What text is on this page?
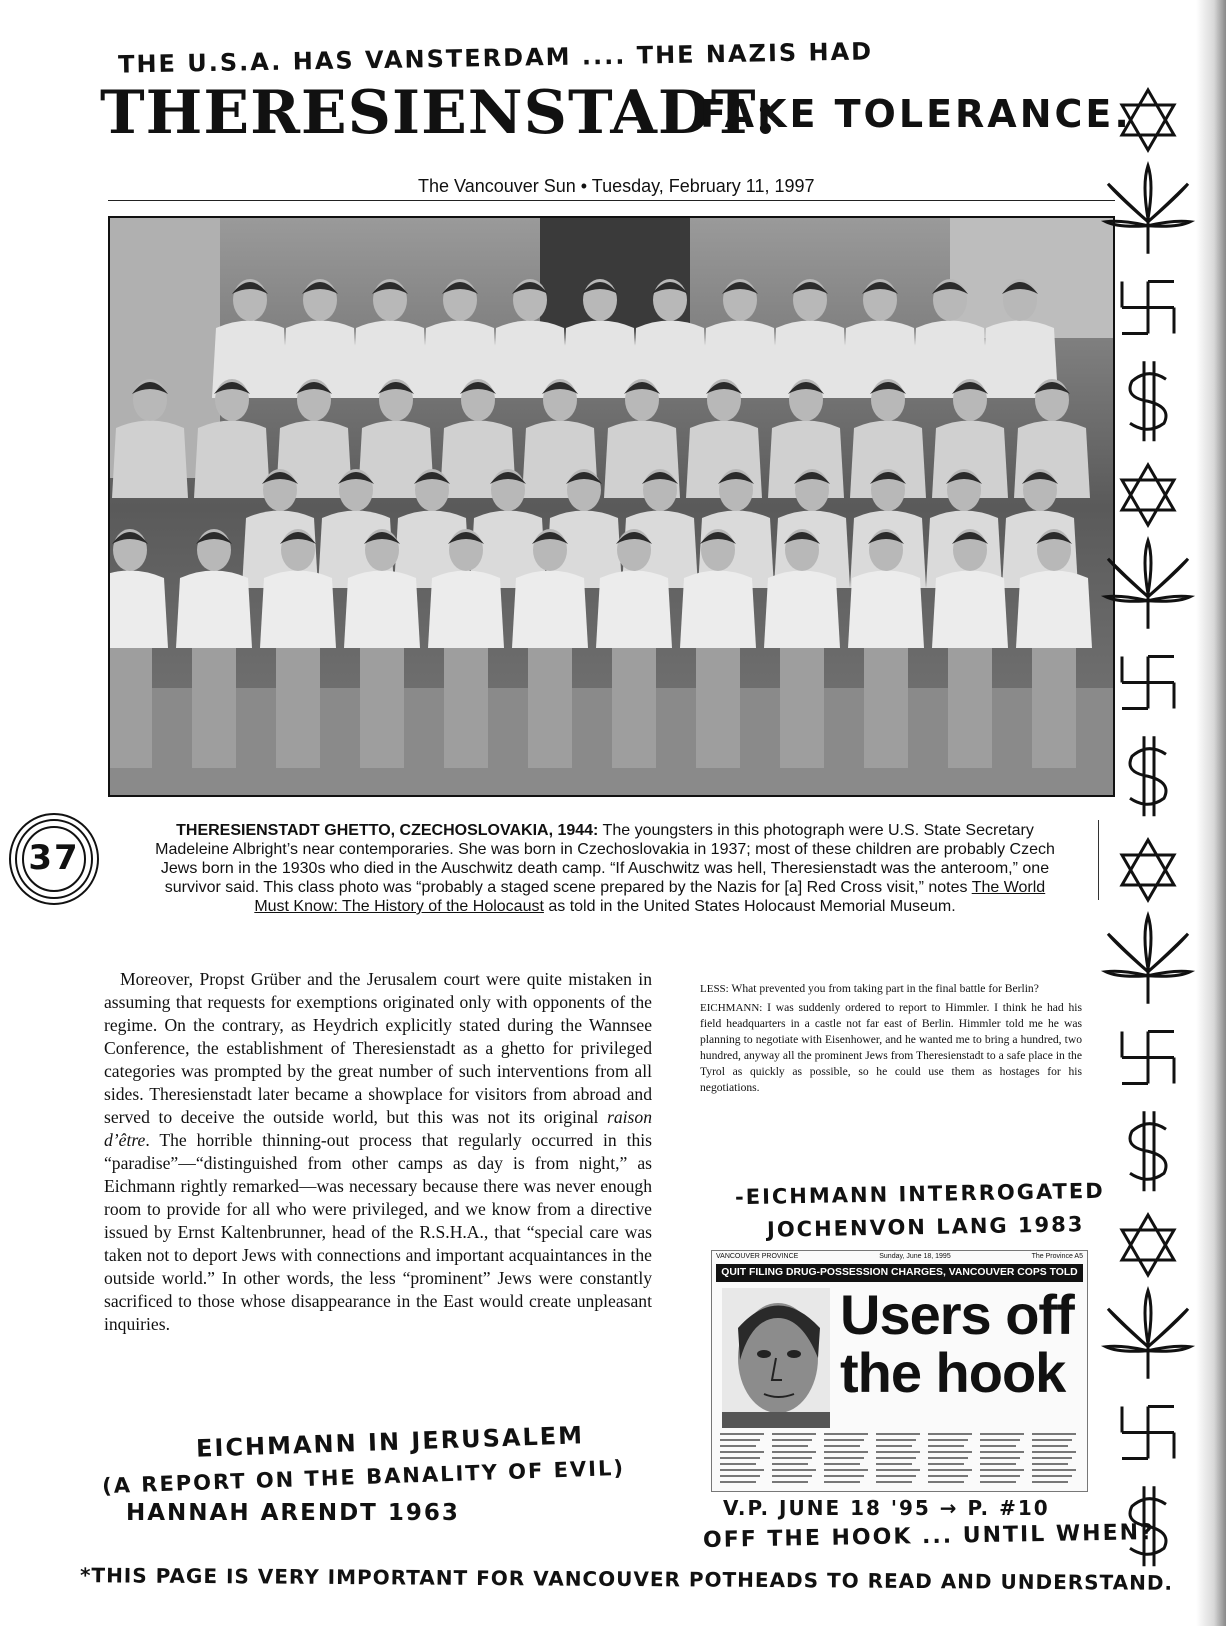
THE U.S.A. HAS VANSTERDAM .... THE NAZIS HAD
THERESIENSTADT:
FAKE TOLERANCE.
The Vancouver Sun • Tuesday, February 11, 1997
37
THERESIENSTADT GHETTO, CZECHOSLOVAKIA, 1944: The youngsters in this photograph were U.S. State Secretary Madeleine Albright’s near contemporaries. She was born in Czechoslovakia in 1937; most of these children are probably Czech Jews born in the 1930s who died in the Auschwitz death camp. “If Auschwitz was hell, Theresienstadt was the anteroom,” one survivor said. This class photo was “probably a staged scene prepared by the Nazis for [a] Red Cross visit,” notes The World Must Know: The History of the Holocaust as told in the United States Holocaust Memorial Museum.
Moreover, Propst Grüber and the Jerusalem court were quite mistaken in assuming that requests for exemptions originated only with opponents of the regime. On the contrary, as Heydrich explicitly stated during the Wannsee Conference, the establishment of Theresienstadt as a ghetto for privileged categories was prompted by the great number of such interventions from all sides. Theresienstadt later became a showplace for visitors from abroad and served to deceive the outside world, but this was not its original raison d’être. The horrible thinning-out process that regularly occurred in this “paradise”—“distinguished from other camps as day is from night,” as Eichmann rightly remarked—was necessary because there was never enough room to provide for all who were privileged, and we know from a directive issued by Ernst Kaltenbrunner, head of the R.S.H.A., that “special care was taken not to deport Jews with connections and important acquaintances in the outside world.” In other words, the less “prominent” Jews were constantly sacrificed to those whose disappearance in the East would create unpleasant inquiries.

LESS: What prevented you from taking part in the final battle for Berlin?

EICHMANN: I was suddenly ordered to report to Himmler. I think he had his field headquarters in a castle not far east of Berlin. Himmler told me he was planning to negotiate with Eisenhower, and he wanted me to bring a hundred, two hundred, anyway all the prominent Jews from Theresienstadt to a safe place in the Tyrol as quickly as possible, so he could use them as hostages for his negotiations.

-EICHMANN INTERROGATED
JOCHENVON LANG 1983
VANCOUVER PROVINCE	Sunday, June 18, 1995	The Province A5
QUIT FILING DRUG-POSSESSION CHARGES, VANCOUVER COPS TOLD
Users off
the hook
V.P. JUNE 18 '95 → P. #10
OFF THE HOOK ... UNTIL WHEN?
EICHMANN IN JERUSALEM
(A REPORT ON THE BANALITY OF EVIL)
HANNAH ARENDT 1963
*THIS PAGE IS VERY IMPORTANT FOR VANCOUVER POTHEADS TO READ AND UNDERSTAND.
